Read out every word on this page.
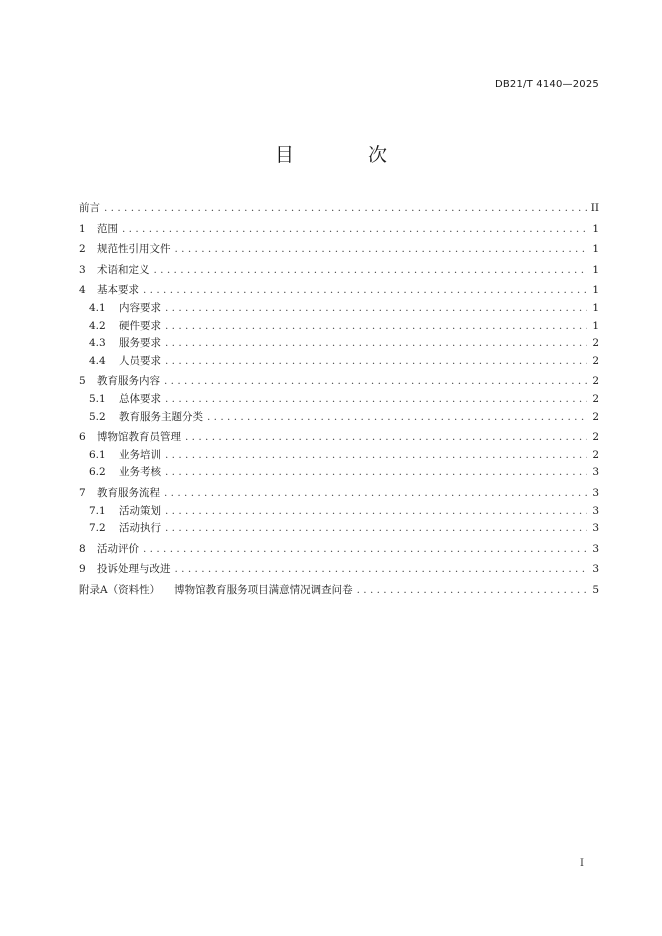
DB21/T 4140—2025
目 次
前言 . . .	II
1	范围 . . .	1
2	规范性引用文件 . . .	1
3	术语和定义 . . .	1
4	基本要求 . . .	1
4.1	内容要求 . . .	1
4.2	硬件要求 . . .	1
4.3	服务要求 . . .	2
4.4	人员要求 . . .	2
5	教育服务内容 . . .	2
5.1	总体要求 . . .	2
5.2	教育服务主题分类 . . .	2
6	博物馆教育员管理 . . .	2
6.1	业务培训 . . .	2
6.2	业务考核 . . .	3
7	教育服务流程 . . .	3
7.1	活动策划 . . .	3
7.2	活动执行 . . .	3
8	活动评价 . . .	3
9	投诉处理与改进 . . .	3
附录A（资料性） 博物馆教育服务项目满意情况调查问卷 . . .	5
I
